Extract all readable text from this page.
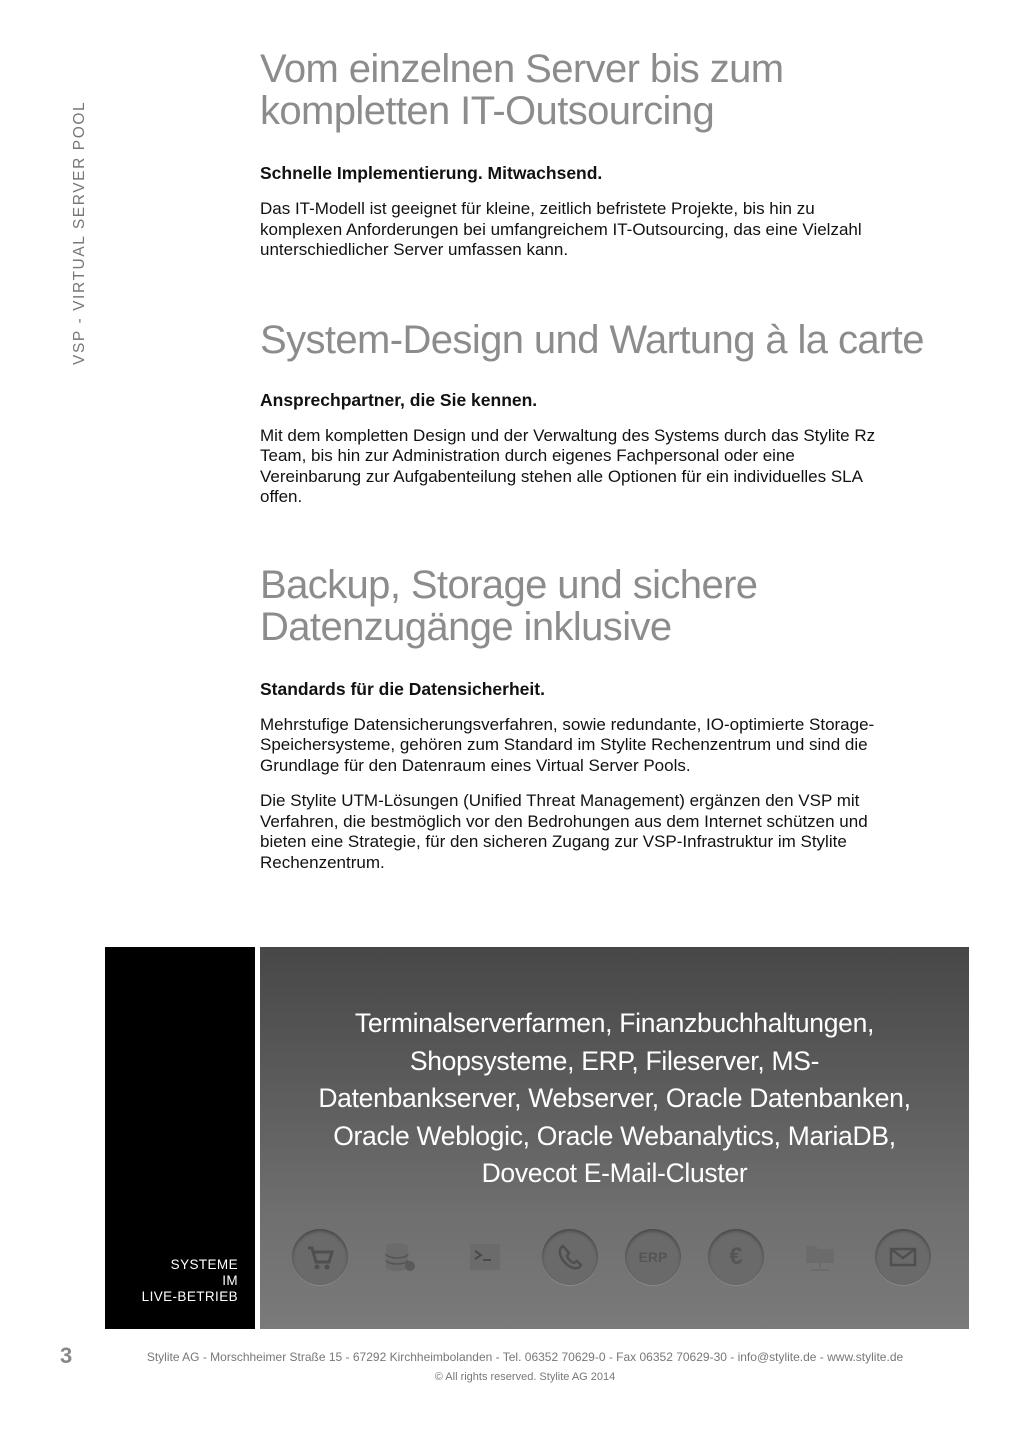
VSP - VIRTUAL SERVER POOL
Vom einzelnen Server bis zum
kompletten IT-Outsourcing

Schnelle Implementierung. Mitwachsend.

Das IT-Modell ist geeignet für kleine, zeitlich befristete Projekte, bis hin zu
komplexen Anforderungen bei umfangreichem IT-Outsourcing, das eine Vielzahl
unterschiedlicher Server umfassen kann.

System-Design und Wartung à la carte

Ansprechpartner, die Sie kennen.

Mit dem kompletten Design und der Verwaltung des Systems durch das Stylite Rz
Team, bis hin zur Administration durch eigenes Fachpersonal oder eine
Vereinbarung zur Aufgabenteilung stehen alle Optionen für ein individuelles SLA
offen.

Backup, Storage und sichere
Datenzugänge inklusive

Standards für die Datensicherheit.

Mehrstufige Datensicherungsverfahren, sowie redundante, IO-optimierte Storage-
Speichersysteme, gehören zum Standard im Stylite Rechenzentrum und sind die
Grundlage für den Datenraum eines Virtual Server Pools.

Die Stylite UTM-Lösungen (Unified Threat Management) ergänzen den VSP mit
Verfahren, die bestmöglich vor den Bedrohungen aus dem Internet schützen und
bieten eine Strategie, für den sicheren Zugang zur VSP-Infrastruktur im Stylite
Rechenzentrum.

SYSTEME
IM
LIVE-BETRIEB
Terminalserverfarmen, Finanzbuchhaltungen,
Shopsysteme, ERP, Fileserver, MS-
Datenbankserver, Webserver, Oracle Datenbanken,
Oracle Weblogic, Oracle Webanalytics, MariaDB,
Dovecot E-Mail-Cluster
ERP	€
3	Stylite AG - Morschheimer Straße 15 - 67292 Kirchheimbolanden - Tel. 06352 70629-0 - Fax 06352 70629-30 - info@stylite.de - www.stylite.de
© All rights reserved. Stylite AG 2014
